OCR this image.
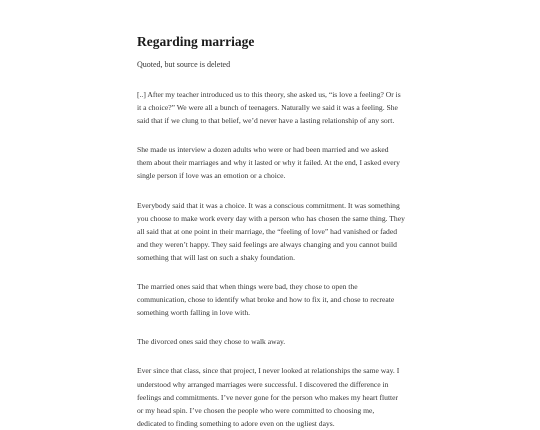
Regarding marriage

Quoted, but source is deleted

[..] After my teacher introduced us to this theory, she asked us, “is love a feeling? Or is it a choice?” We were all a bunch of teenagers. Naturally we said it was a feeling. She said that if we clung to that belief, we’d never have a lasting relationship of any sort.

She made us interview a dozen adults who were or had been married and we asked them about their marriages and why it lasted or why it failed. At the end, I asked every single person if love was an emotion or a choice.

Everybody said that it was a choice. It was a conscious commitment. It was something you choose to make work every day with a person who has chosen the same thing. They all said that at one point in their marriage, the “feeling of love” had vanished or faded and they weren’t happy. They said feelings are always changing and you cannot build something that will last on such a shaky foundation.

The married ones said that when things were bad, they chose to open the communication, chose to identify what broke and how to fix it, and chose to recreate something worth falling in love with.

The divorced ones said they chose to walk away.

Ever since that class, since that project, I never looked at relationships the same way. I understood why arranged marriages were successful. I discovered the difference in feelings and commitments. I’ve never gone for the person who makes my heart flutter or my head spin. I’ve chosen the people who were committed to choosing me, dedicated to finding something to adore even on the ugliest days.
